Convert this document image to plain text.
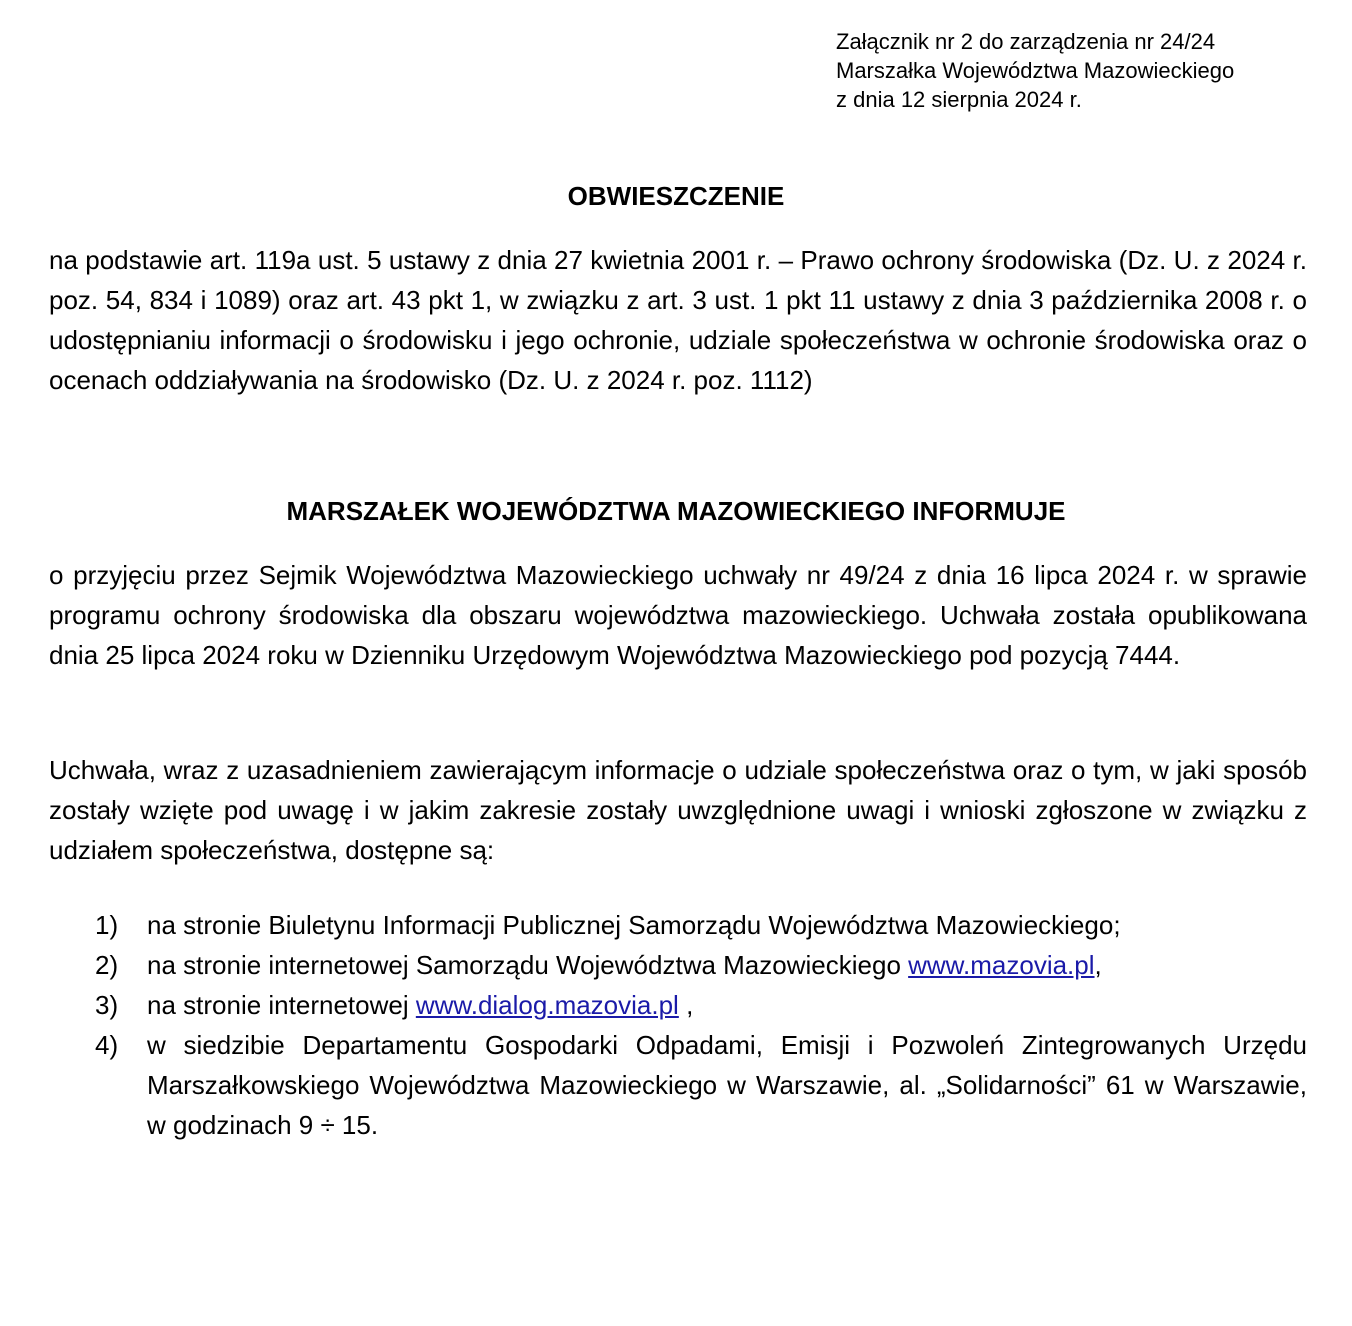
Załącznik nr 2 do zarządzenia nr 24/24
Marszałka Województwa Mazowieckiego
z dnia 12 sierpnia 2024 r.
OBWIESZCZENIE
na podstawie art. 119a ust. 5 ustawy z dnia 27 kwietnia 2001 r. – Prawo ochrony środowiska (Dz. U. z 2024 r. poz. 54, 834 i 1089) oraz art. 43 pkt 1, w związku z art. 3 ust. 1 pkt 11 ustawy z dnia 3 października 2008 r. o udostępnianiu informacji o środowisku i jego ochronie, udziale społeczeństwa w ochronie środowiska oraz o ocenach oddziaływania na środowisko (Dz. U. z 2024 r. poz. 1112)
MARSZAŁEK WOJEWÓDZTWA MAZOWIECKIEGO INFORMUJE
o przyjęciu przez Sejmik Województwa Mazowieckiego uchwały nr 49/24 z dnia 16 lipca 2024 r. w sprawie programu ochrony środowiska dla obszaru województwa mazowieckiego. Uchwała została opublikowana dnia 25 lipca 2024 roku w Dzienniku Urzędowym Województwa Mazowieckiego pod pozycją 7444.
Uchwała, wraz z uzasadnieniem zawierającym informacje o udziale społeczeństwa oraz o tym, w jaki sposób zostały wzięte pod uwagę i w jakim zakresie zostały uwzględnione uwagi i wnioski zgłoszone w związku z udziałem społeczeństwa, dostępne są:
1)	na stronie Biuletynu Informacji Publicznej Samorządu Województwa Mazowieckiego;
2)	na stronie internetowej Samorządu Województwa Mazowieckiego www.mazovia.pl,
3)	na stronie internetowej www.dialog.mazovia.pl ,
4)	w siedzibie Departamentu Gospodarki Odpadami, Emisji i Pozwoleń Zintegrowanych Urzędu Marszałkowskiego Województwa Mazowieckiego w Warszawie, al. „Solidarności” 61 w Warszawie, w godzinach 9 ÷ 15.
